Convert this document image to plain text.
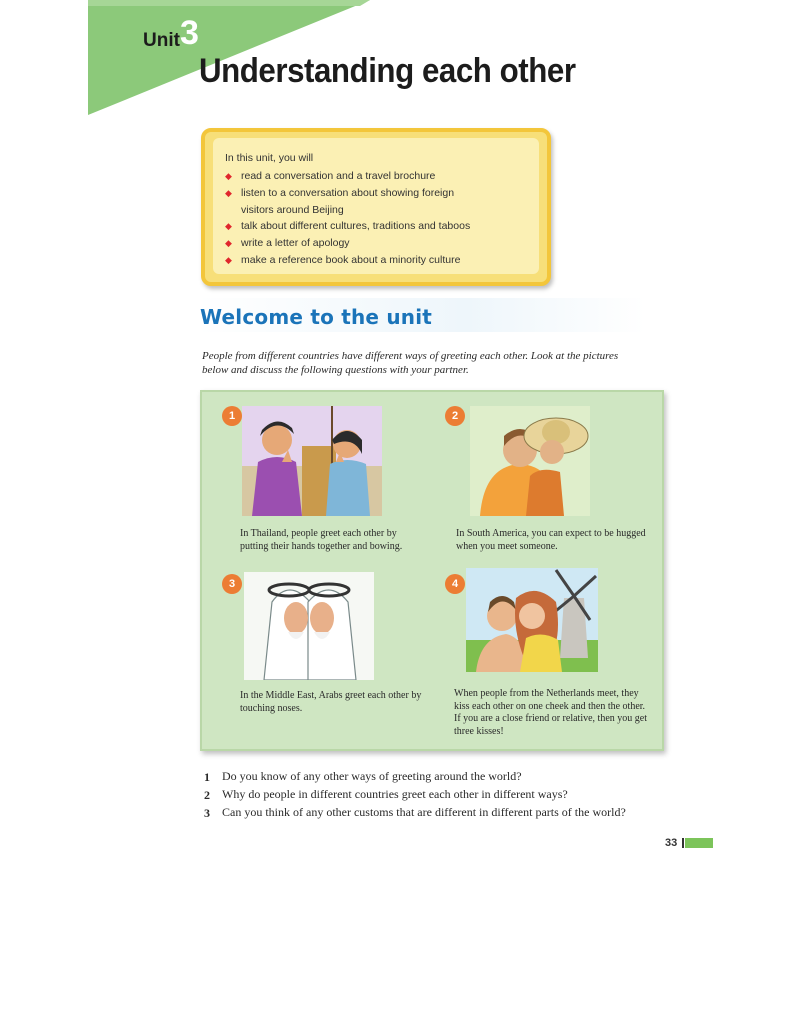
Unit 3
Understanding each other
In this unit, you will
◆ read a conversation and a travel brochure
◆ listen to a conversation about showing foreign
visitors around Beijing
◆ talk about different cultures, traditions and taboos
◆ write a letter of apology
◆ make a reference book about a minority culture
Welcome to the unit
People from different countries have different ways of greeting each other. Look at the pictures below and discuss the following questions with your partner.
1
In Thailand, people greet each other by putting their hands together and bowing.
2
In South America, you can expect to be hugged when you meet someone.
3
In the Middle East, Arabs greet each other by touching noses.
4
When people from the Netherlands meet, they kiss each other on one cheek and then the other. If you are a close friend or relative, then you get three kisses!
1 Do you know of any other ways of greeting around the world?
2 Why do people in different countries greet each other in different ways?
3 Can you think of any other customs that are different in different parts of the world?
33
